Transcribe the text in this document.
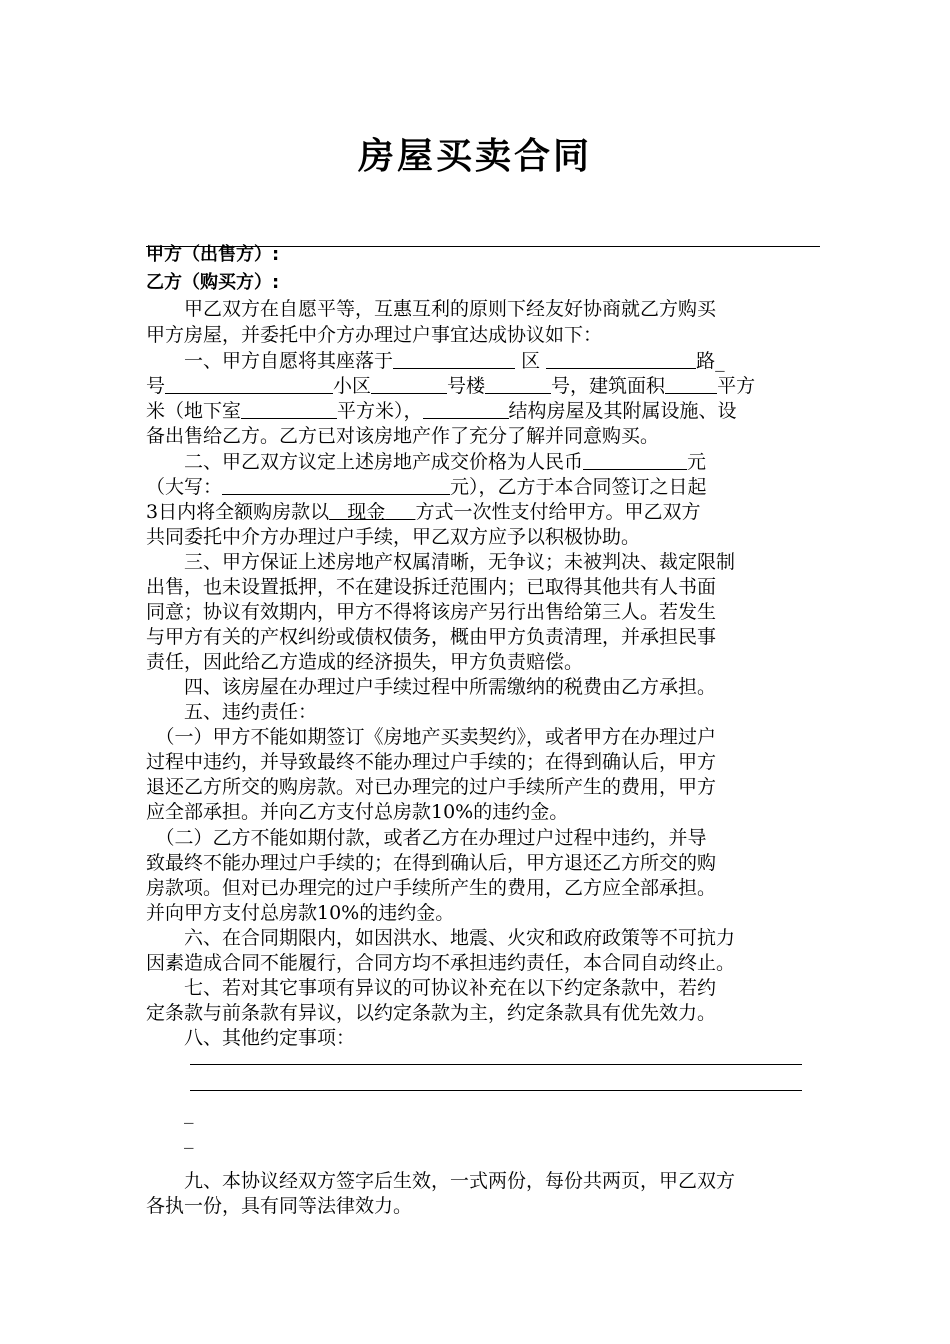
房屋买卖合同
甲方（出售方）:
乙方（购买方）:
　　甲乙双方在自愿平等，互惠互利的原则下经友好协商就乙方购买
甲方房屋，并委托中介方办理过户事宜达成协议如下：
　　一、甲方自愿将其座落于	区	路_
号	小区	号楼	号，建筑面积	平方
米（地下室	平方米），	结构房屋及其附属设施、设
备出售给乙方。乙方已对该房地产作了充分了解并同意购买。
　　二、甲乙双方议定上述房地产成交价格为人民币	元
（大写：	元），乙方于本合同签订之日起
3日内将全额购房款以 现金 方式一次性支付给甲方。甲乙双方
共同委托中介方办理过户手续，甲乙双方应予以积极协助。
　　三、甲方保证上述房地产权属清晰，无争议；未被判决、裁定限制
出售，也未设置抵押，不在建设拆迁范围内；已取得其他共有人书面
同意；协议有效期内，甲方不得将该房产另行出售给第三人。若发生
与甲方有关的产权纠纷或债权债务，概由甲方负责清理，并承担民事
责任，因此给乙方造成的经济损失，甲方负责赔偿。
　　四、该房屋在办理过户手续过程中所需缴纳的税费由乙方承担。
　　五、违约责任：
　（一）甲方不能如期签订《房地产买卖契约》，或者甲方在办理过户
过程中违约，并导致最终不能办理过户手续的；在得到确认后，甲方
退还乙方所交的购房款。对已办理完的过户手续所产生的费用，甲方
应全部承担。并向乙方支付总房款10%的违约金。
　（二）乙方不能如期付款，或者乙方在办理过户过程中违约，并导
致最终不能办理过户手续的；在得到确认后，甲方退还乙方所交的购
房款项。但对已办理完的过户手续所产生的费用，乙方应全部承担。
并向甲方支付总房款10%的违约金。
　　六、在合同期限内，如因洪水、地震、火灾和政府政策等不可抗力
因素造成合同不能履行，合同方均不承担违约责任，本合同自动终止。
　　七、若对其它事项有异议的可协议补充在以下约定条款中，若约
定条款与前条款有异议，以约定条款为主，约定条款具有优先效力。
　　八、其他约定事项：
　　_
　　_
　　九、本协议经双方签字后生效，一式两份，每份共两页，甲乙双方
各执一份，具有同等法律效力。
